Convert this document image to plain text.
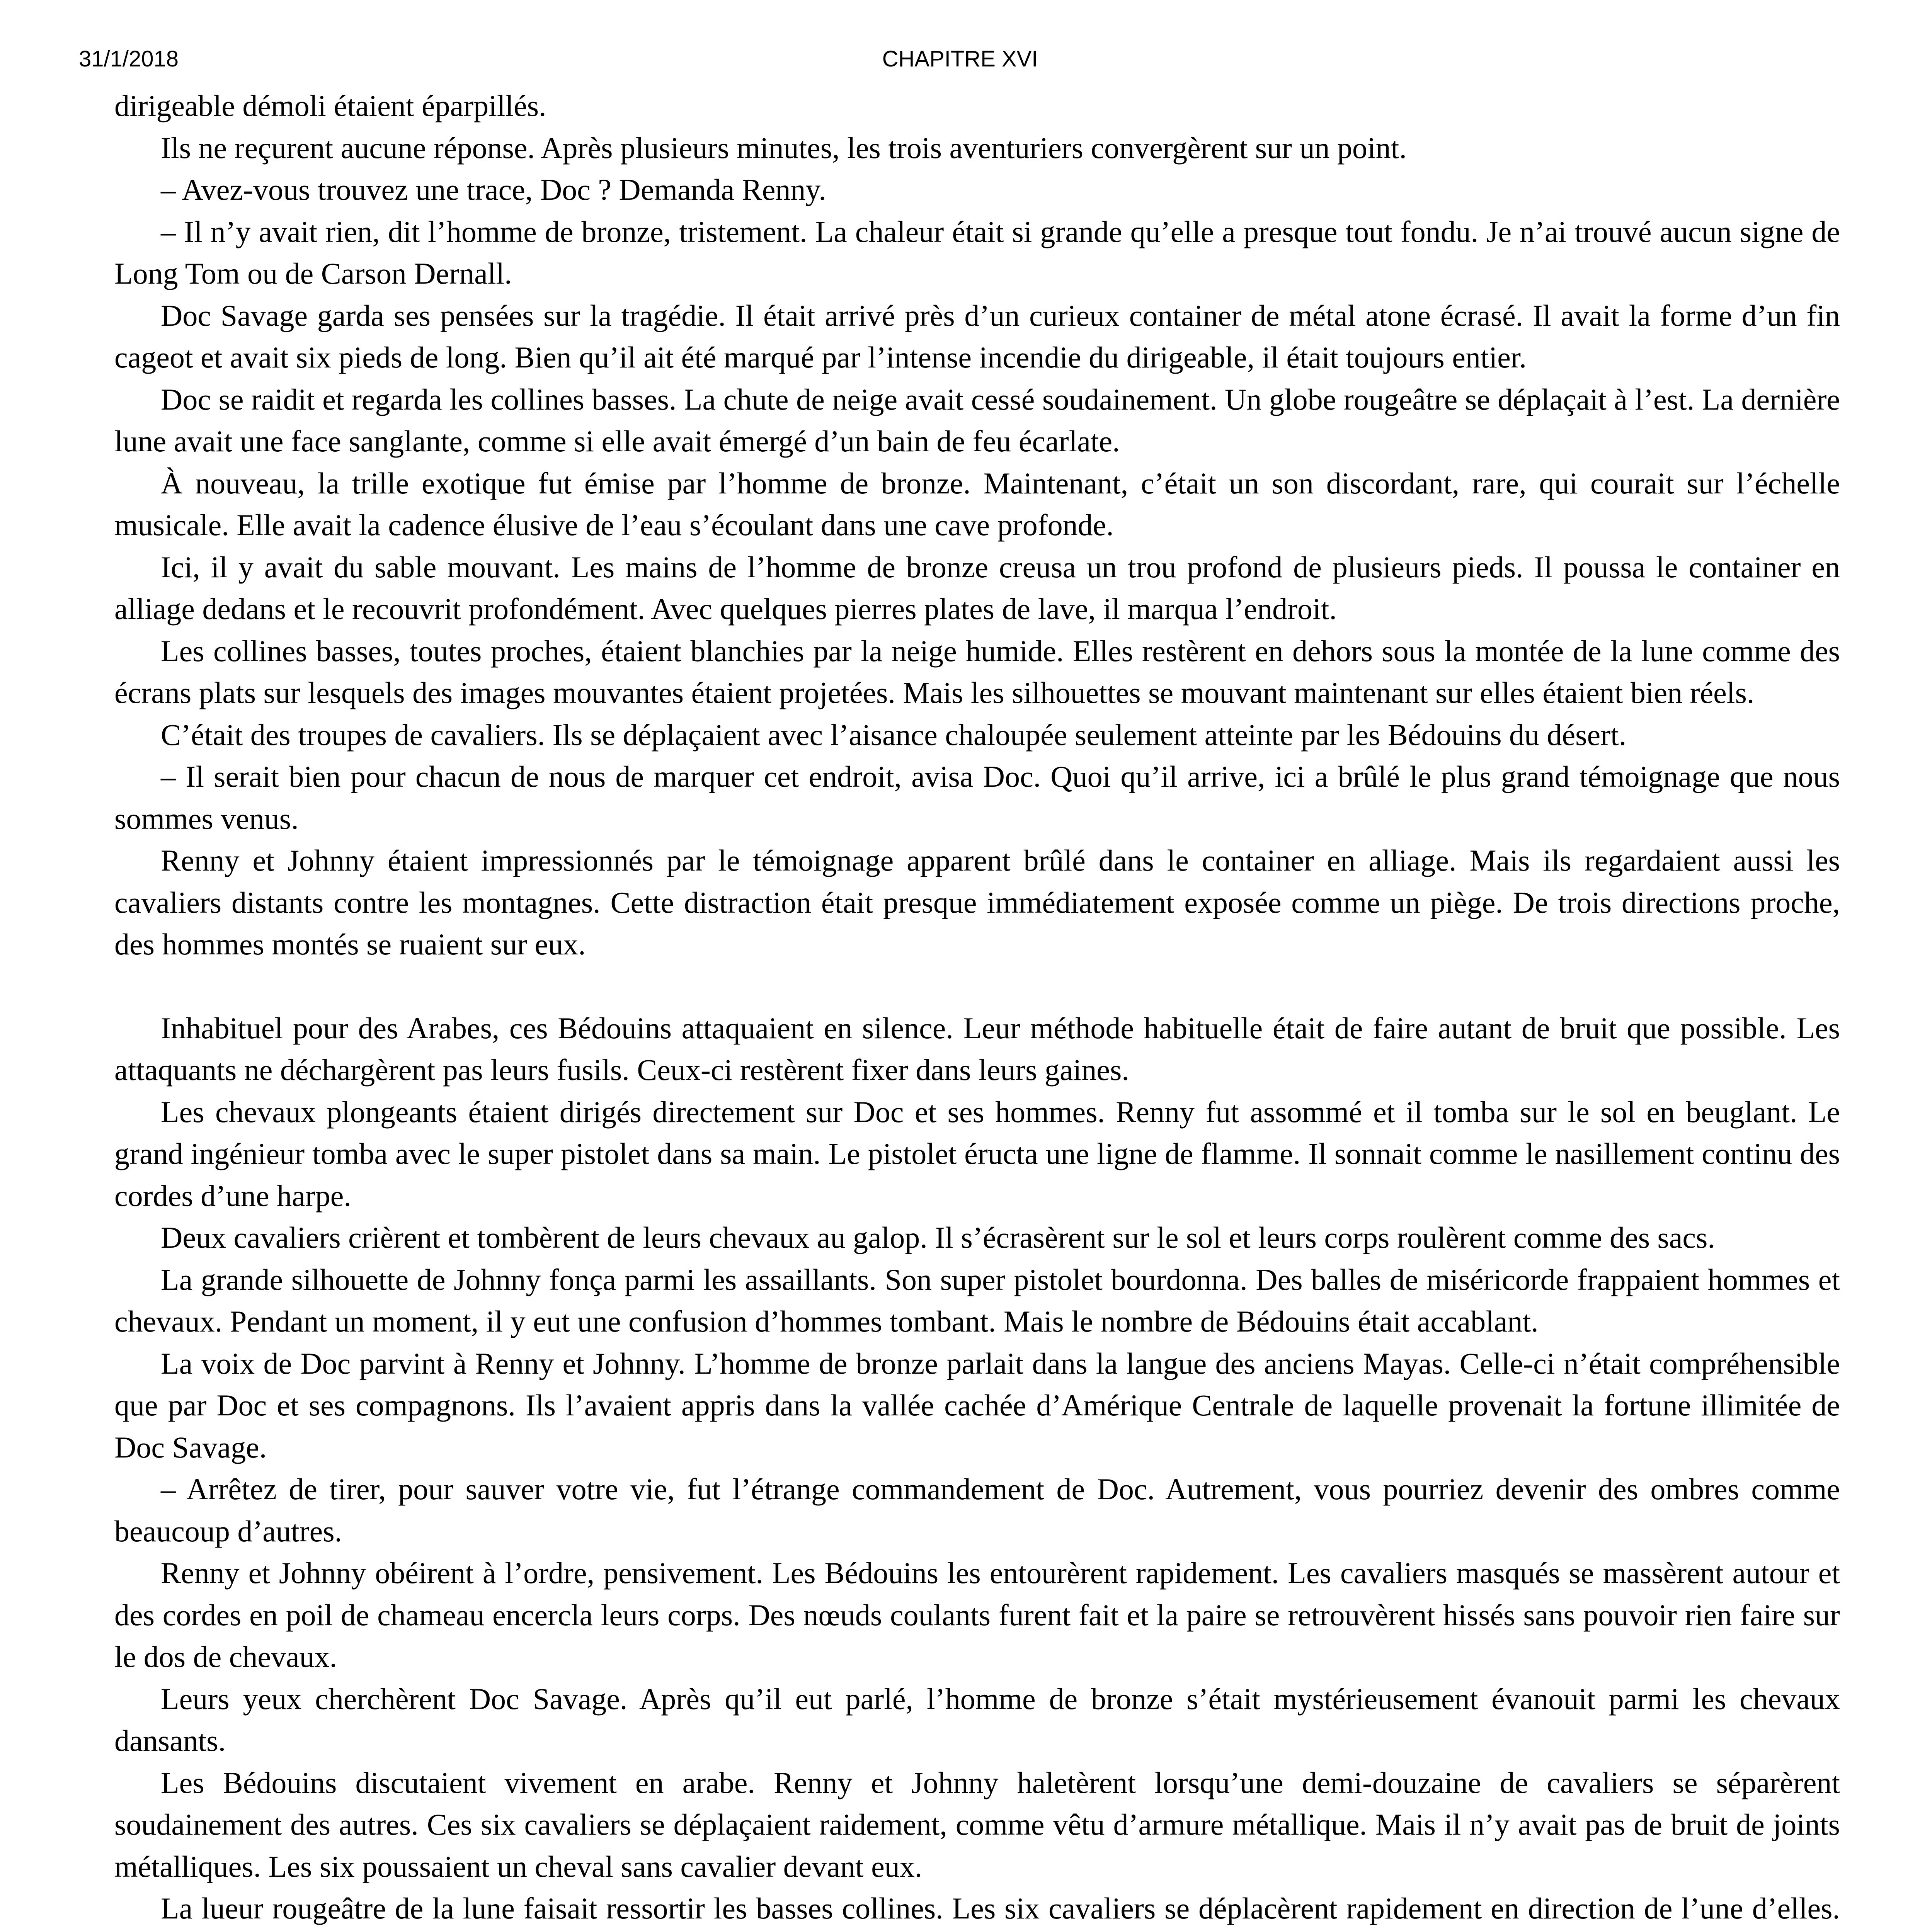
31/1/2018	CHAPITRE XVI

dirigeable démoli étaient éparpillés.

Ils ne reçurent aucune réponse. Après plusieurs minutes, les trois aventuriers convergèrent sur un point.

– Avez-vous trouvez une trace, Doc ? Demanda Renny.

– Il n’y avait rien, dit l’homme de bronze, tristement. La chaleur était si grande qu’elle a presque tout fondu. Je n’ai trouvé aucun signe de Long Tom ou de Carson Dernall.

Doc Savage garda ses pensées sur la tragédie. Il était arrivé près d’un curieux container de métal atone écrasé. Il avait la forme d’un fin cageot et avait six pieds de long. Bien qu’il ait été marqué par l’intense incendie du dirigeable, il était toujours entier.

Doc se raidit et regarda les collines basses. La chute de neige avait cessé soudainement. Un globe rougeâtre se déplaçait à l’est. La dernière lune avait une face sanglante, comme si elle avait émergé d’un bain de feu écarlate.

À nouveau, la trille exotique fut émise par l’homme de bronze. Maintenant, c’était un son discordant, rare, qui courait sur l’échelle musicale. Elle avait la cadence élusive de l’eau s’écoulant dans une cave profonde.

Ici, il y avait du sable mouvant. Les mains de l’homme de bronze creusa un trou profond de plusieurs pieds. Il poussa le container en alliage dedans et le recouvrit profondément. Avec quelques pierres plates de lave, il marqua l’endroit.

Les collines basses, toutes proches, étaient blanchies par la neige humide. Elles restèrent en dehors sous la montée de la lune comme des écrans plats sur lesquels des images mouvantes étaient projetées. Mais les silhouettes se mouvant maintenant sur elles étaient bien réels.

C’était des troupes de cavaliers. Ils se déplaçaient avec l’aisance chaloupée seulement atteinte par les Bédouins du désert.

– Il serait bien pour chacun de nous de marquer cet endroit, avisa Doc. Quoi qu’il arrive, ici a brûlé le plus grand témoignage que nous sommes venus.

Renny et Johnny étaient impressionnés par le témoignage apparent brûlé dans le container en alliage. Mais ils regardaient aussi les cavaliers distants contre les montagnes. Cette distraction était presque immédiatement exposée comme un piège. De trois directions proche, des hommes montés se ruaient sur eux.

Inhabituel pour des Arabes, ces Bédouins attaquaient en silence. Leur méthode habituelle était de faire autant de bruit que possible. Les attaquants ne déchargèrent pas leurs fusils. Ceux-ci restèrent fixer dans leurs gaines.

Les chevaux plongeants étaient dirigés directement sur Doc et ses hommes. Renny fut assommé et il tomba sur le sol en beuglant. Le grand ingénieur tomba avec le super pistolet dans sa main. Le pistolet éructa une ligne de flamme. Il sonnait comme le nasillement continu des cordes d’une harpe.

Deux cavaliers crièrent et tombèrent de leurs chevaux au galop. Il s’écrasèrent sur le sol et leurs corps roulèrent comme des sacs.

La grande silhouette de Johnny fonça parmi les assaillants. Son super pistolet bourdonna. Des balles de miséricorde frappaient hommes et chevaux. Pendant un moment, il y eut une confusion d’hommes tombant. Mais le nombre de Bédouins était accablant.

La voix de Doc parvint à Renny et Johnny. L’homme de bronze parlait dans la langue des anciens Mayas. Celle-ci n’était compréhensible que par Doc et ses compagnons. Ils l’avaient appris dans la vallée cachée d’Amérique Centrale de laquelle provenait la fortune illimitée de Doc Savage.

– Arrêtez de tirer, pour sauver votre vie, fut l’étrange commandement de Doc. Autrement, vous pourriez devenir des ombres comme beaucoup d’autres.

Renny et Johnny obéirent à l’ordre, pensivement. Les Bédouins les entourèrent rapidement. Les cavaliers masqués se massèrent autour et des cordes en poil de chameau encercla leurs corps. Des nœuds coulants furent fait et la paire se retrouvèrent hissés sans pouvoir rien faire sur le dos de chevaux.

Leurs yeux cherchèrent Doc Savage. Après qu’il eut parlé, l’homme de bronze s’était mystérieusement évanouit parmi les chevaux dansants.

Les Bédouins discutaient vivement en arabe. Renny et Johnny haletèrent lorsqu’une demi-douzaine de cavaliers se séparèrent soudainement des autres. Ces six cavaliers se déplaçaient raidement, comme vêtu d’armure métallique. Mais il n’y avait pas de bruit de joints métalliques. Les six poussaient un cheval sans cavalier devant eux.

La lueur rougeâtre de la lune faisait ressortir les basses collines. Les six cavaliers se déplacèrent rapidement en direction de l’une d’elles.
